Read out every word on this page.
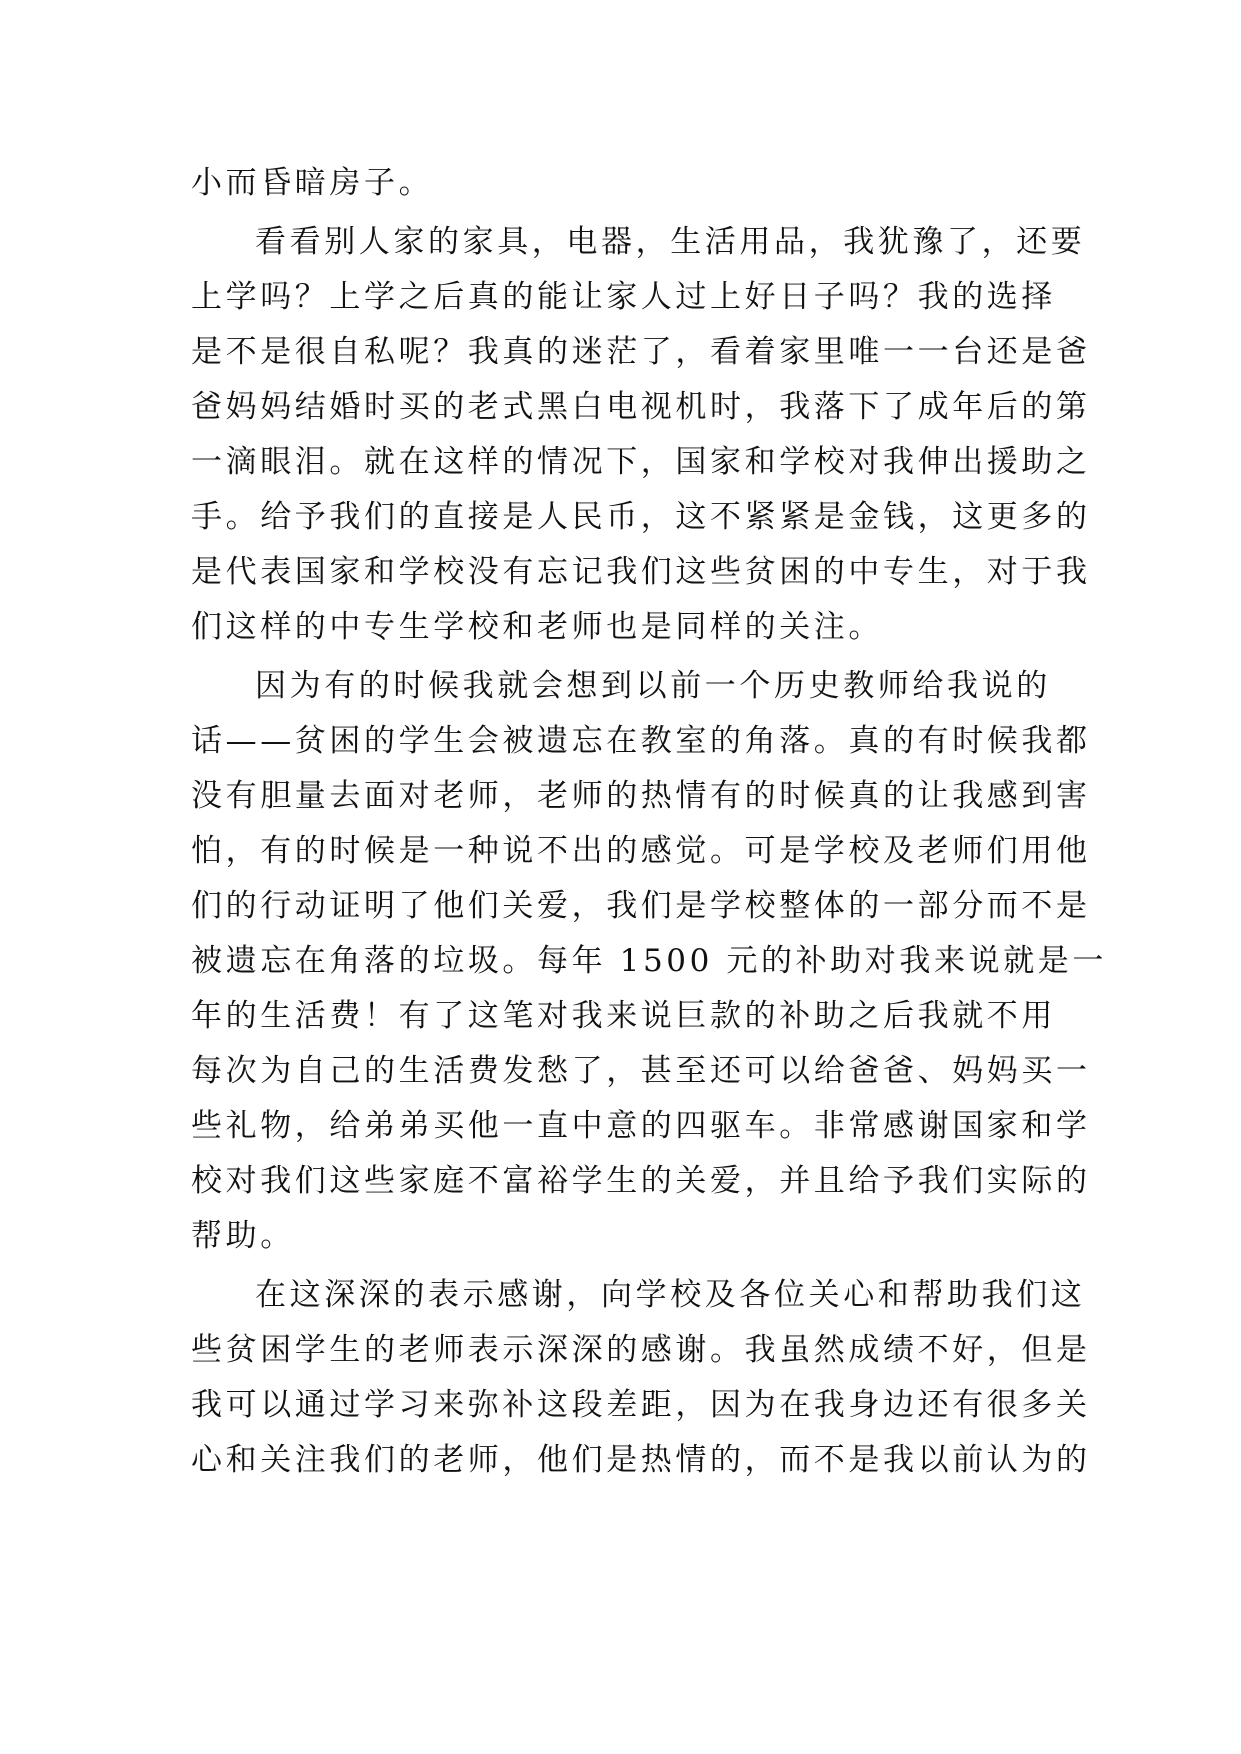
小而昏暗房子。
看看别人家的家具，电器，生活用品，我犹豫了，还要
上学吗？上学之后真的能让家人过上好日子吗？我的选择
是不是很自私呢？我真的迷茫了，看着家里唯一一台还是爸
爸妈妈结婚时买的老式黑白电视机时，我落下了成年后的第
一滴眼泪。就在这样的情况下，国家和学校对我伸出援助之
手。给予我们的直接是人民币，这不紧紧是金钱，这更多的
是代表国家和学校没有忘记我们这些贫困的中专生，对于我
们这样的中专生学校和老师也是同样的关注。
因为有的时候我就会想到以前一个历史教师给我说的
话——贫困的学生会被遗忘在教室的角落。真的有时候我都
没有胆量去面对老师，老师的热情有的时候真的让我感到害
怕，有的时候是一种说不出的感觉。可是学校及老师们用他
们的行动证明了他们关爱，我们是学校整体的一部分而不是
被遗忘在角落的垃圾。每年 1500 元的补助对我来说就是一
年的生活费！有了这笔对我来说巨款的补助之后我就不用
每次为自己的生活费发愁了，甚至还可以给爸爸、妈妈买一
些礼物，给弟弟买他一直中意的四驱车。非常感谢国家和学
校对我们这些家庭不富裕学生的关爱，并且给予我们实际的
帮助。
在这深深的表示感谢，向学校及各位关心和帮助我们这
些贫困学生的老师表示深深的感谢。我虽然成绩不好，但是
我可以通过学习来弥补这段差距，因为在我身边还有很多关
心和关注我们的老师，他们是热情的，而不是我以前认为的
